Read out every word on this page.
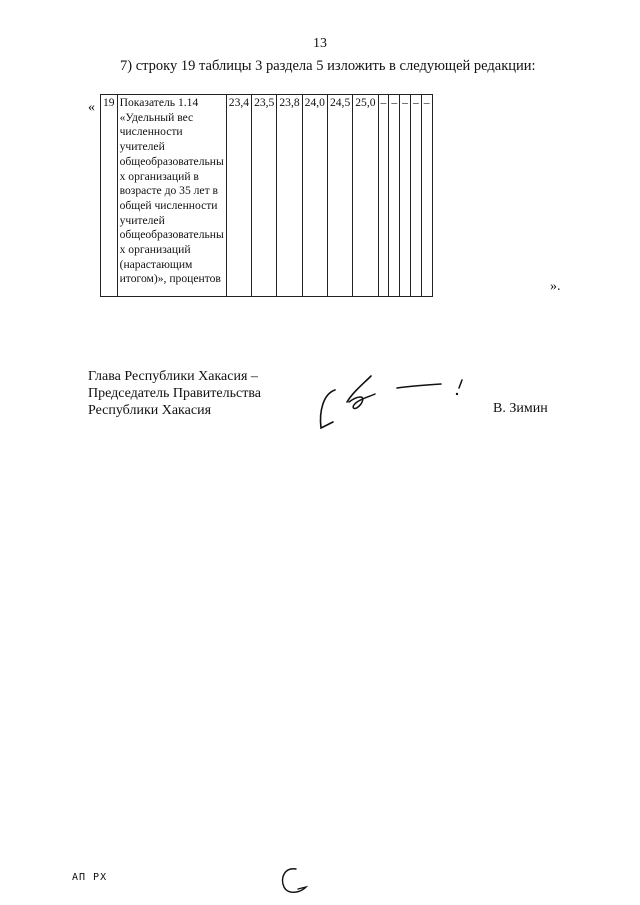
13
7) строку 19 таблицы 3 раздела 5 изложить в следующей редакции:
« 19	Показатель 1.14
«Удельный вес
численности
учителей
общеобразовательны
х организаций в
возрасте до 35 лет в
общей численности
учителей
общеобразовательны
х организаций
(нарастающим
итогом)», процентов
	23,4	23,5	23,8	24,0	24,5	25,0	–	–	–	–	–
».
Глава Республики Хакасия –
Председатель Правительства
Республики Хакасия	В. Зимин
АП РХ
